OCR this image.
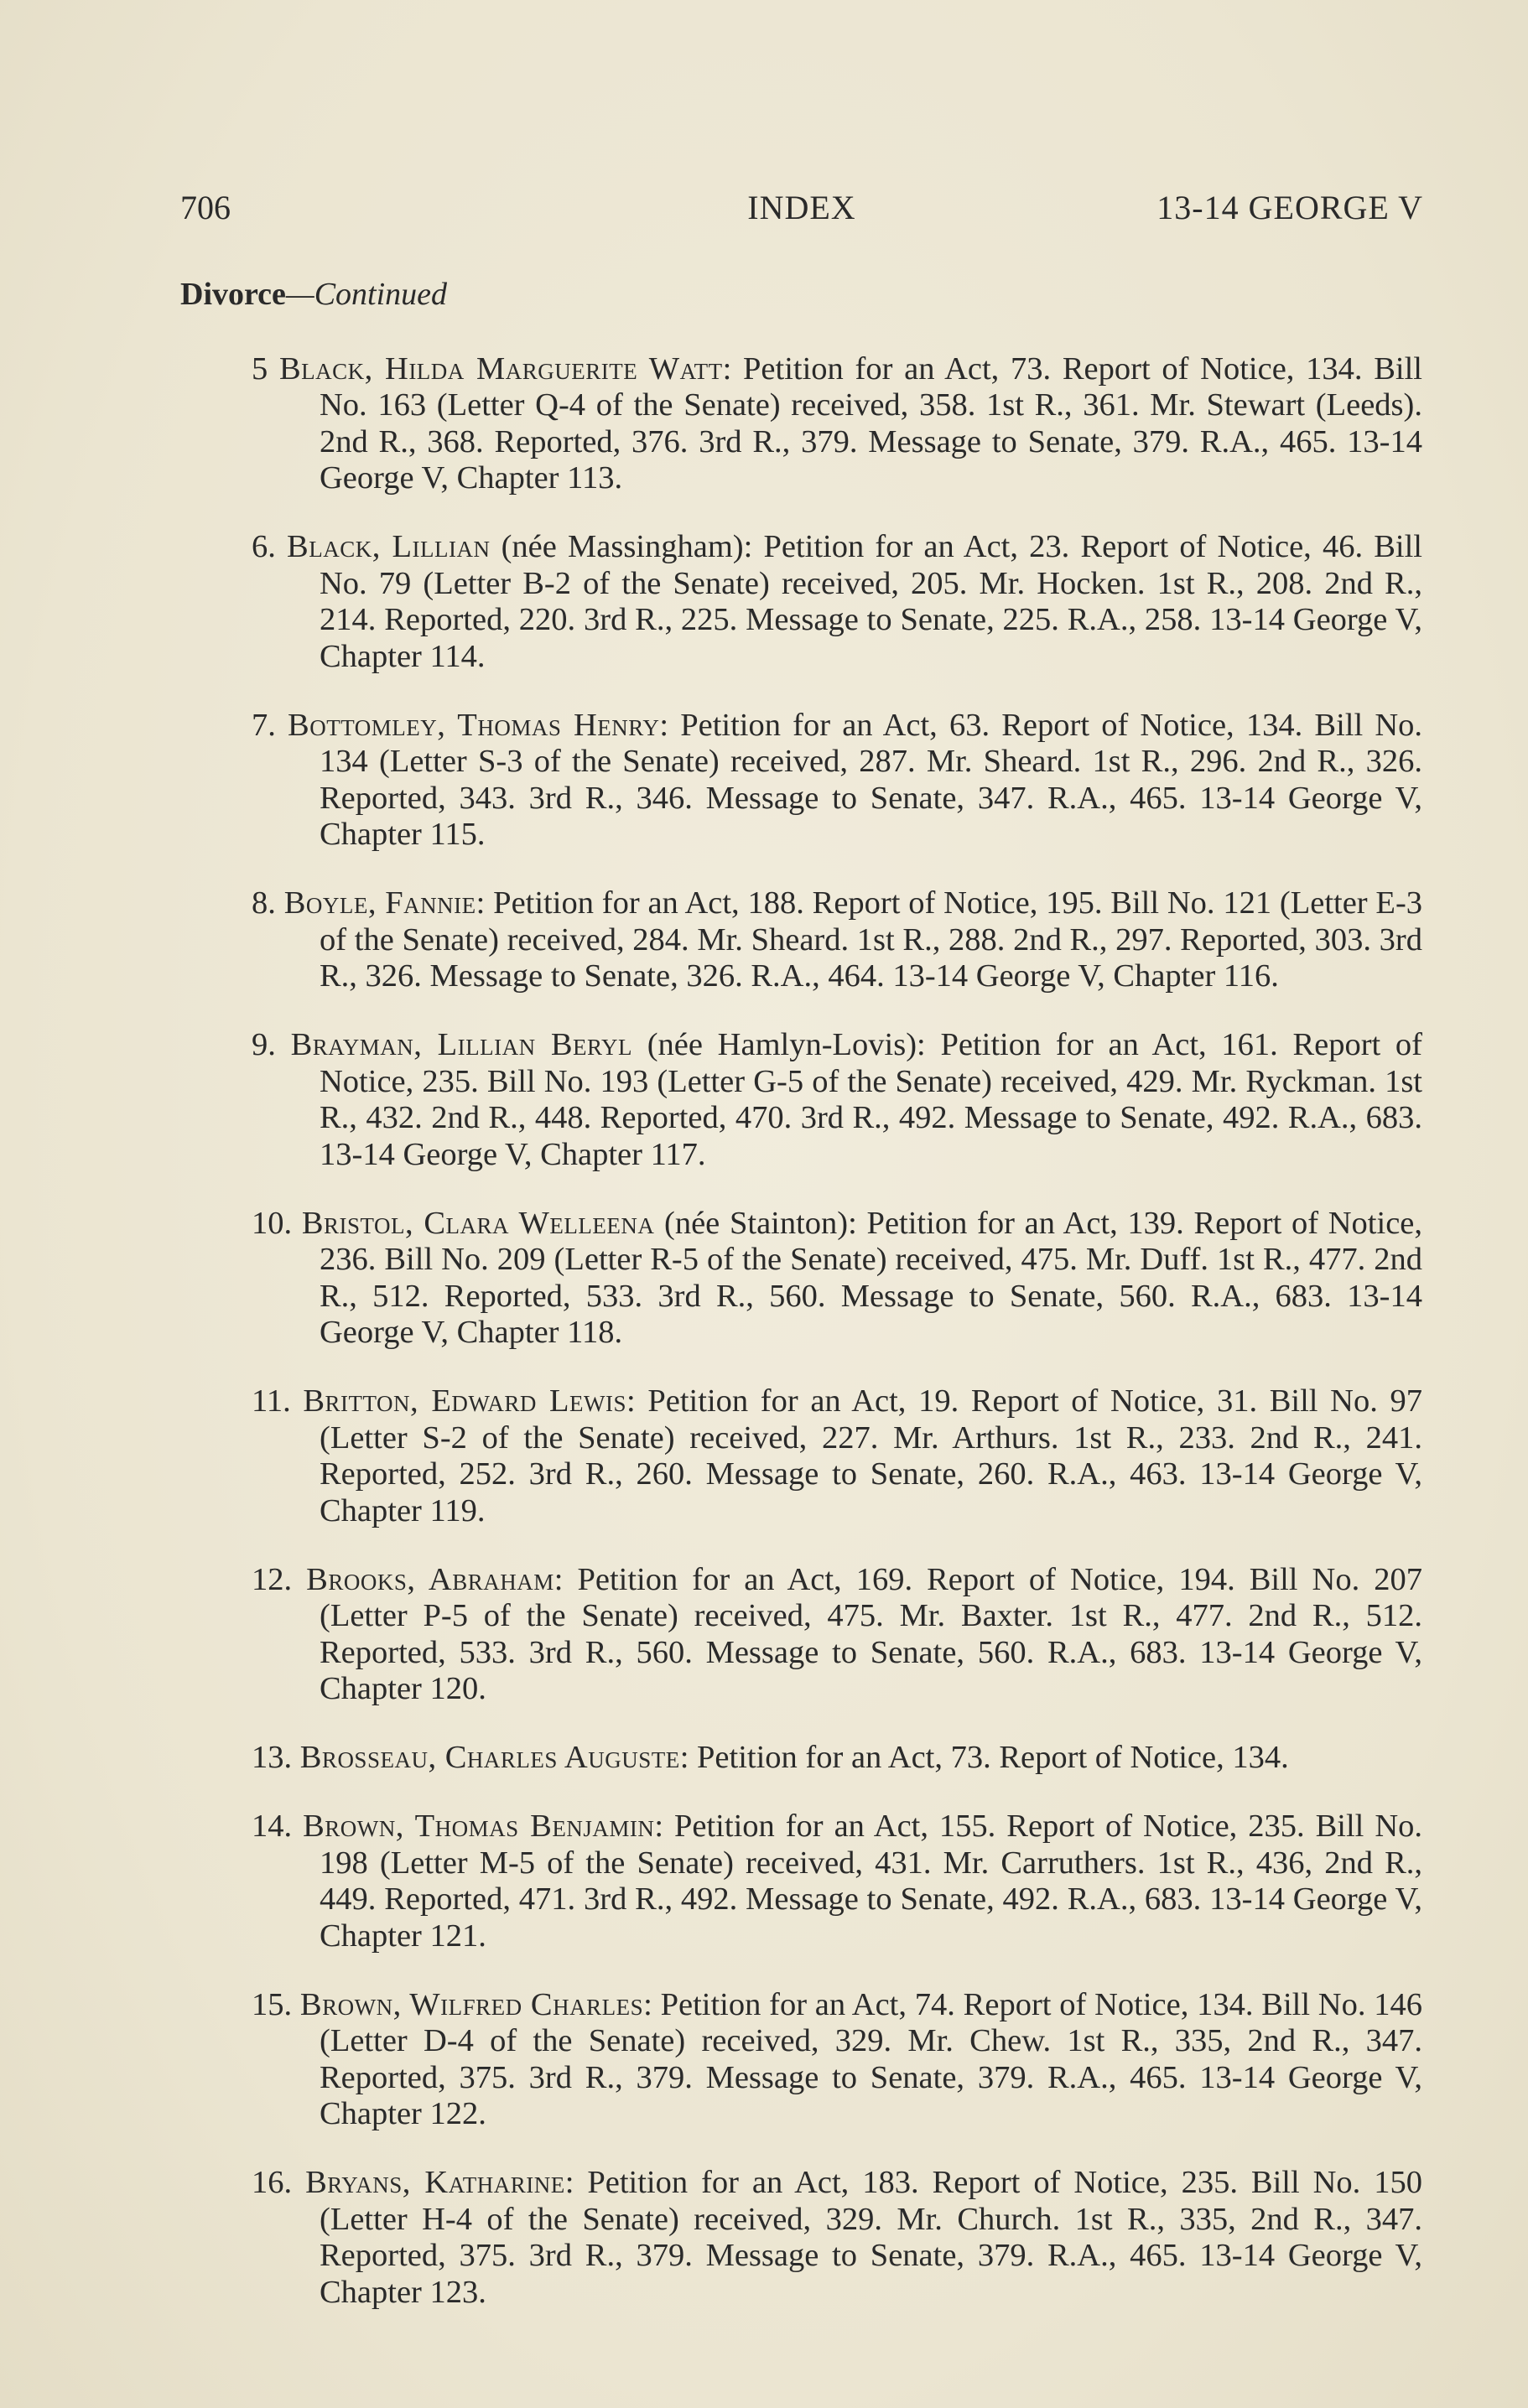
706	INDEX	13-14 GEORGE V
Divorce—Continued

5 Black, Hilda Marguerite Watt: Petition for an Act, 73. Report of Notice, 134. Bill No. 163 (Letter Q-4 of the Senate) received, 358. 1st R., 361. Mr. Stewart (Leeds). 2nd R., 368. Reported, 376. 3rd R., 379. Message to Senate, 379. R.A., 465. 13-14 George V, Chapter 113.

6. Black, Lillian (née Massingham): Petition for an Act, 23. Report of Notice, 46. Bill No. 79 (Letter B-2 of the Senate) received, 205. Mr. Hocken. 1st R., 208. 2nd R., 214. Reported, 220. 3rd R., 225. Message to Senate, 225. R.A., 258. 13-14 George V, Chapter 114.

7. Bottomley, Thomas Henry: Petition for an Act, 63. Report of Notice, 134. Bill No. 134 (Letter S-3 of the Senate) received, 287. Mr. Sheard. 1st R., 296. 2nd R., 326. Reported, 343. 3rd R., 346. Message to Senate, 347. R.A., 465. 13-14 George V, Chapter 115.

8. Boyle, Fannie: Petition for an Act, 188. Report of Notice, 195. Bill No. 121 (Letter E-3 of the Senate) received, 284. Mr. Sheard. 1st R., 288. 2nd R., 297. Reported, 303. 3rd R., 326. Message to Senate, 326. R.A., 464. 13-14 George V, Chapter 116.

9. Brayman, Lillian Beryl (née Hamlyn-Lovis): Petition for an Act, 161. Report of Notice, 235. Bill No. 193 (Letter G-5 of the Senate) received, 429. Mr. Ryckman. 1st R., 432. 2nd R., 448. Reported, 470. 3rd R., 492. Message to Senate, 492. R.A., 683. 13-14 George V, Chapter 117.

10. Bristol, Clara Welleena (née Stainton): Petition for an Act, 139. Report of Notice, 236. Bill No. 209 (Letter R-5 of the Senate) received, 475. Mr. Duff. 1st R., 477. 2nd R., 512. Reported, 533. 3rd R., 560. Message to Senate, 560. R.A., 683. 13-14 George V, Chapter 118.

11. Britton, Edward Lewis: Petition for an Act, 19. Report of Notice, 31. Bill No. 97 (Letter S-2 of the Senate) received, 227. Mr. Arthurs. 1st R., 233. 2nd R., 241. Reported, 252. 3rd R., 260. Message to Senate, 260. R.A., 463. 13-14 George V, Chapter 119.

12. Brooks, Abraham: Petition for an Act, 169. Report of Notice, 194. Bill No. 207 (Letter P-5 of the Senate) received, 475. Mr. Baxter. 1st R., 477. 2nd R., 512. Reported, 533. 3rd R., 560. Message to Senate, 560. R.A., 683. 13-14 George V, Chapter 120.

13. Brosseau, Charles Auguste: Petition for an Act, 73. Report of Notice, 134.

14. Brown, Thomas Benjamin: Petition for an Act, 155. Report of Notice, 235. Bill No. 198 (Letter M-5 of the Senate) received, 431. Mr. Carruthers. 1st R., 436, 2nd R., 449. Reported, 471. 3rd R., 492. Message to Senate, 492. R.A., 683. 13-14 George V, Chapter 121.

15. Brown, Wilfred Charles: Petition for an Act, 74. Report of Notice, 134. Bill No. 146 (Letter D-4 of the Senate) received, 329. Mr. Chew. 1st R., 335, 2nd R., 347. Reported, 375. 3rd R., 379. Message to Senate, 379. R.A., 465. 13-14 George V, Chapter 122.

16. Bryans, Katharine: Petition for an Act, 183. Report of Notice, 235. Bill No. 150 (Letter H-4 of the Senate) received, 329. Mr. Church. 1st R., 335, 2nd R., 347. Reported, 375. 3rd R., 379. Message to Senate, 379. R.A., 465. 13-14 George V, Chapter 123.
